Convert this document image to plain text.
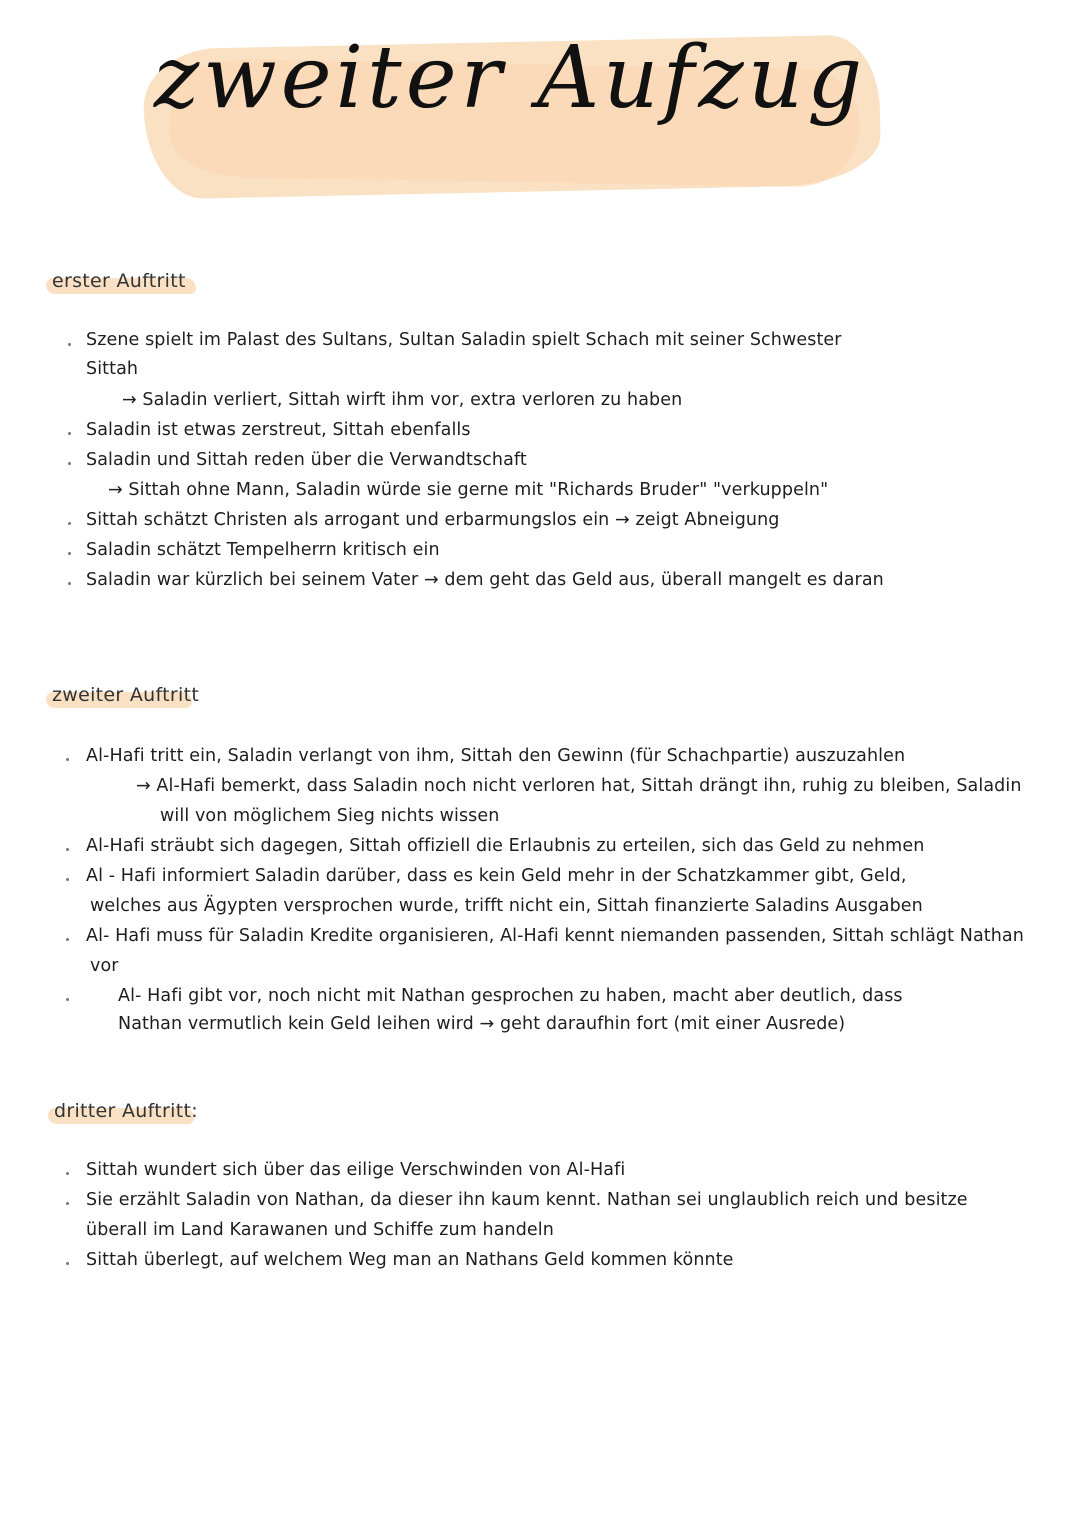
zweiter Aufzug
erster Auftritt
Szene spielt im Palast des Sultans, Sultan Saladin spielt Schach mit seiner Schwester
Sittah
→ Saladin verliert, Sittah wirft ihm vor, extra verloren zu haben
Saladin ist etwas zerstreut, Sittah ebenfalls
Saladin und Sittah reden über die Verwandtschaft
→ Sittah ohne Mann, Saladin würde sie gerne mit "Richards Bruder" "verkuppeln"
Sittah schätzt Christen als arrogant und erbarmungslos ein → zeigt Abneigung
Saladin schätzt Tempelherrn kritisch ein
Saladin war kürzlich bei seinem Vater → dem geht das Geld aus, überall mangelt es daran
zweiter Auftritt
Al-Hafi tritt ein, Saladin verlangt von ihm, Sittah den Gewinn (für Schachpartie) auszuzahlen
→ Al-Hafi bemerkt, dass Saladin noch nicht verloren hat, Sittah drängt ihn, ruhig zu bleiben, Saladin
will von möglichem Sieg nichts wissen
Al-Hafi sträubt sich dagegen, Sittah offiziell die Erlaubnis zu erteilen, sich das Geld zu nehmen
Al - Hafi informiert Saladin darüber, dass es kein Geld mehr in der Schatzkammer gibt, Geld,
welches aus Ägypten versprochen wurde, trifft nicht ein, Sittah finanzierte Saladins Ausgaben
Al- Hafi muss für Saladin Kredite organisieren, Al-Hafi kennt niemanden passenden, Sittah schlägt Nathan
vor
Al- Hafi gibt vor, noch nicht mit Nathan gesprochen zu haben, macht aber deutlich, dass
Nathan vermutlich kein Geld leihen wird → geht daraufhin fort (mit einer Ausrede)
dritter Auftritt:
Sittah wundert sich über das eilige Verschwinden von Al-Hafi
Sie erzählt Saladin von Nathan, da dieser ihn kaum kennt. Nathan sei unglaublich reich und besitze
überall im Land Karawanen und Schiffe zum handeln
Sittah überlegt, auf welchem Weg man an Nathans Geld kommen könnte
